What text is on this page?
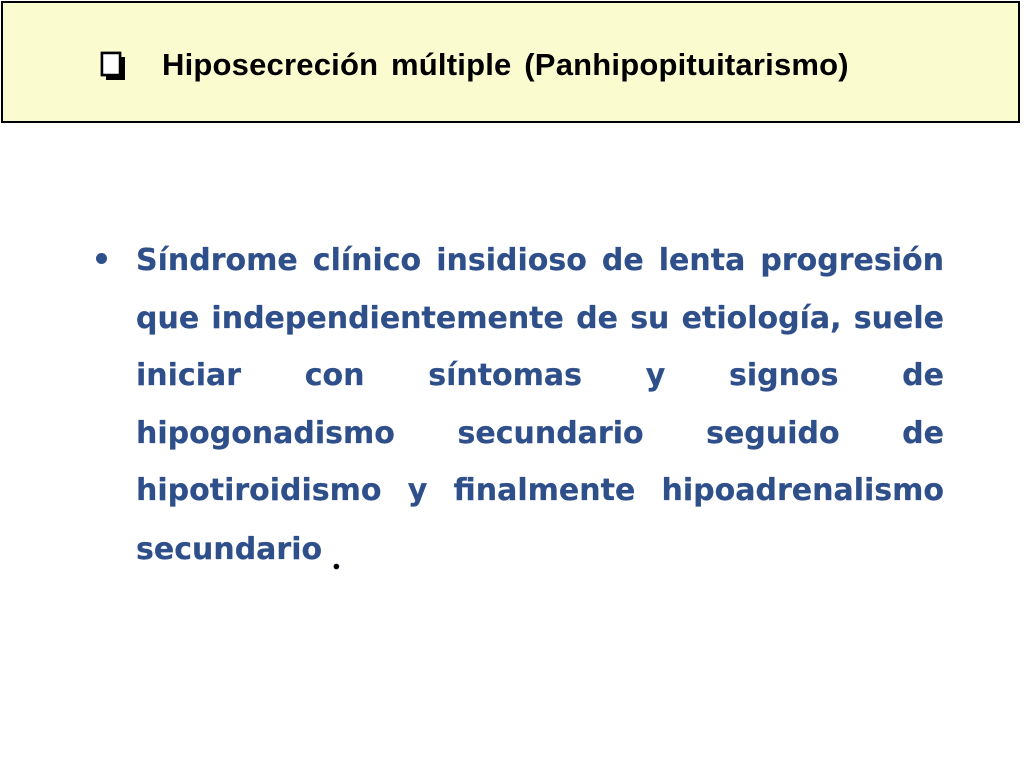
Hiposecreción múltiple (Panhipopituitarismo)
Síndrome clínico insidioso de lenta progresión que independientemente de su etiología, suele iniciar con síntomas y signos de hipogonadismo secundario seguido de hipotiroidismo y finalmente hipoadrenalismo secundario .
